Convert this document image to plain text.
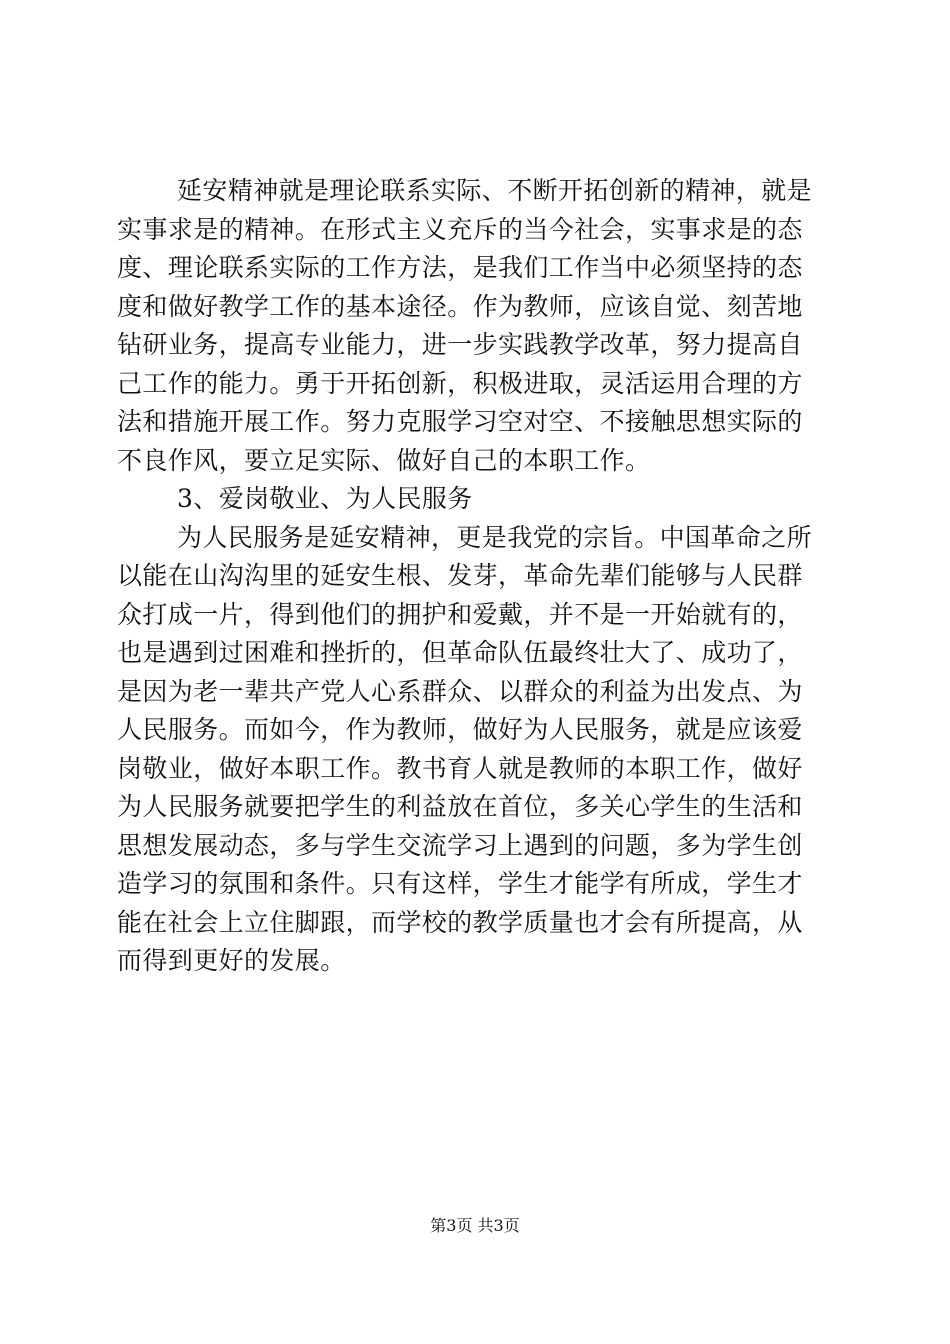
延安精神就是理论联系实际、不断开拓创新的精神，就是
实事求是的精神。在形式主义充斥的当今社会，实事求是的态
度、理论联系实际的工作方法，是我们工作当中必须坚持的态
度和做好教学工作的基本途径。作为教师，应该自觉、刻苦地
钻研业务，提高专业能力，进一步实践教学改革，努力提高自
己工作的能力。勇于开拓创新，积极进取，灵活运用合理的方
法和措施开展工作。努力克服学习空对空、不接触思想实际的
不良作风，要立足实际、做好自己的本职工作。
3、爱岗敬业、为人民服务
为人民服务是延安精神，更是我党的宗旨。中国革命之所
以能在山沟沟里的延安生根、发芽，革命先辈们能够与人民群
众打成一片，得到他们的拥护和爱戴，并不是一开始就有的，
也是遇到过困难和挫折的，但革命队伍最终壮大了、成功了，
是因为老一辈共产党人心系群众、以群众的利益为出发点、为
人民服务。而如今，作为教师，做好为人民服务，就是应该爱
岗敬业，做好本职工作。教书育人就是教师的本职工作，做好
为人民服务就要把学生的利益放在首位，多关心学生的生活和
思想发展动态，多与学生交流学习上遇到的问题，多为学生创
造学习的氛围和条件。只有这样，学生才能学有所成，学生才
能在社会上立住脚跟，而学校的教学质量也才会有所提高，从
而得到更好的发展。
第3页 共3页
